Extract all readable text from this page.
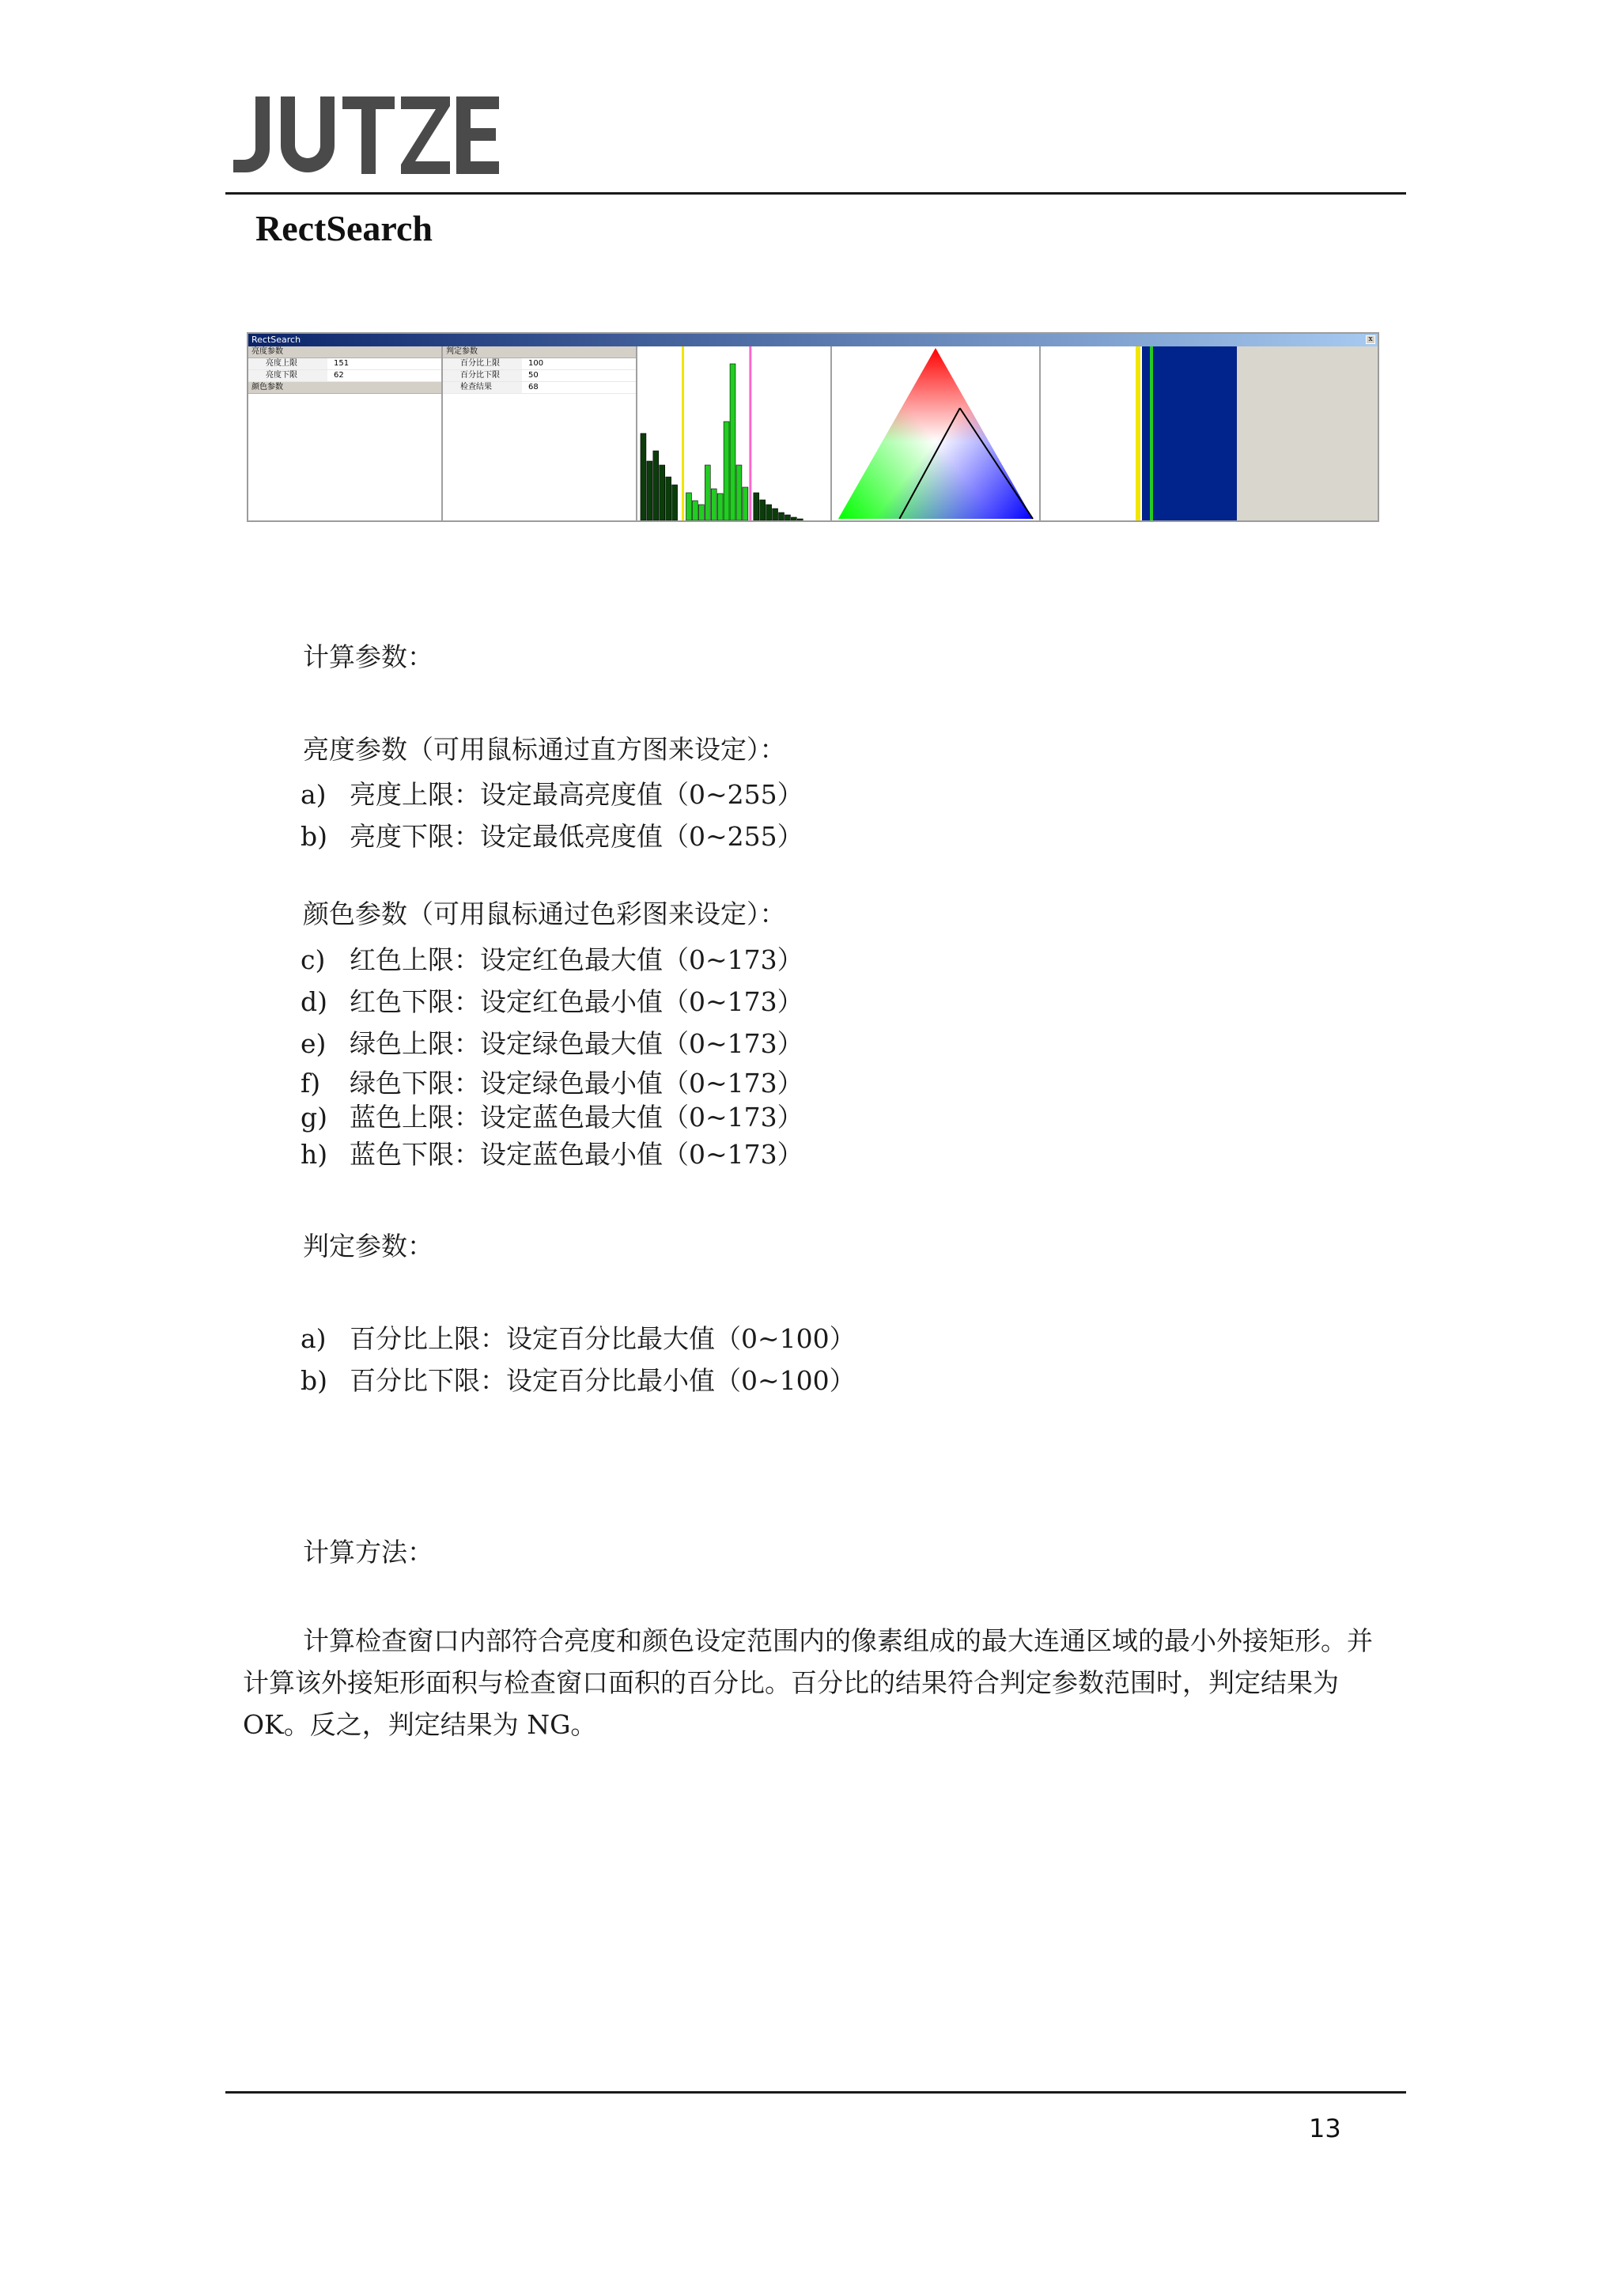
RectSearch
RectSearch	x
亮度参数
亮度上限	151
亮度下限	62
颜色参数
判定参数
百分比上限	100
百分比下限	50
检查结果	68
计算参数：
亮度参数（可用鼠标通过直方图来设定）：
a) 亮度上限：设定最高亮度值（0~255）
b) 亮度下限：设定最低亮度值（0~255）
颜色参数（可用鼠标通过色彩图来设定）：
c) 红色上限：设定红色最大值（0~173）
d) 红色下限：设定红色最小值（0~173）
e) 绿色上限：设定绿色最大值（0~173）
f)	绿色下限：设定绿色最小值（0~173）
g) 蓝色上限：设定蓝色最大值（0~173）
h) 蓝色下限：设定蓝色最小值（0~173）
判定参数：
a) 百分比上限：设定百分比最大值（0~100）
b) 百分比下限：设定百分比最小值（0~100）
计算方法：
计算检查窗口内部符合亮度和颜色设定范围内的像素组成的最大连通区域的最小外接矩形。并计算该外接矩形面积与检查窗口面积的百分比。百分比的结果符合判定参数范围时，判定结果为 OK。反之，判定结果为 NG。
13
